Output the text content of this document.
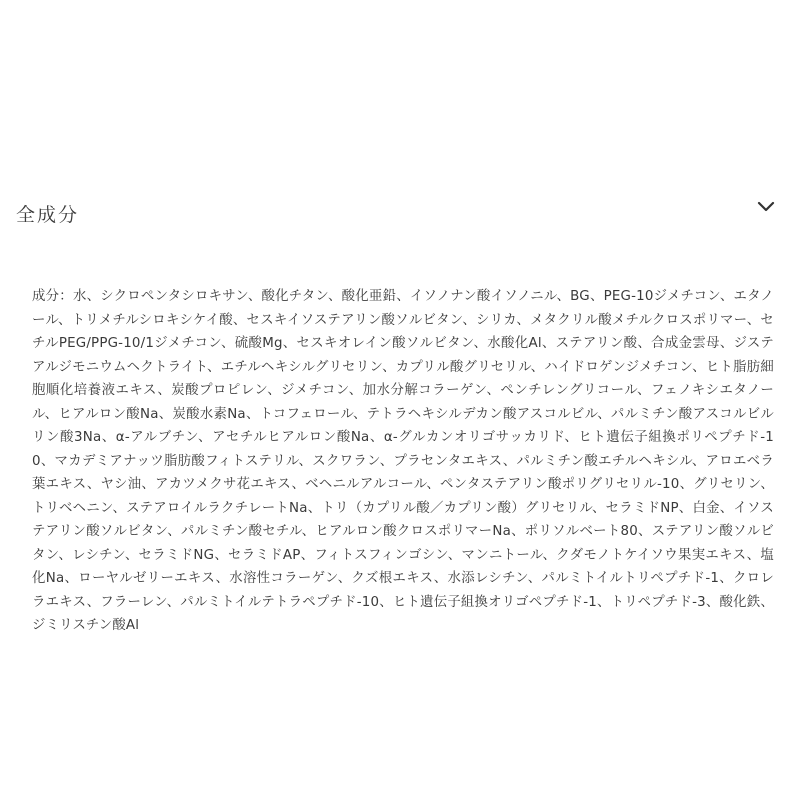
全成分

成分：水、シクロペンタシロキサン、酸化チタン、酸化亜鉛、イソノナン酸イソノニル、BG、PEG-10ジメチコン、エタノール、トリメチルシロキシケイ酸、セスキイソステアリン酸ソルビタン、シリカ、メタクリル酸メチルクロスポリマー、セチルPEG/PPG-10/1ジメチコン、硫酸Mg、セスキオレイン酸ソルビタン、水酸化Al、ステアリン酸、合成金雲母、ジステアルジモニウムヘクトライト、エチルヘキシルグリセリン、カプリル酸グリセリル、ハイドロゲンジメチコン、ヒト脂肪細胞順化培養液エキス、炭酸プロピレン、ジメチコン、加水分解コラーゲン、ペンチレングリコール、フェノキシエタノール、ヒアルロン酸Na、炭酸水素Na、トコフェロール、テトラヘキシルデカン酸アスコルビル、パルミチン酸アスコルビルリン酸3Na、α-アルブチン、アセチルヒアルロン酸Na、α-グルカンオリゴサッカリド、ヒト遺伝子組換ポリペプチド-10、マカデミアナッツ脂肪酸フィトステリル、スクワラン、プラセンタエキス、パルミチン酸エチルヘキシル、アロエベラ葉エキス、ヤシ油、アカツメクサ花エキス、ベヘニルアルコール、ペンタステアリン酸ポリグリセリル-10、グリセリン、トリベヘニン、ステアロイルラクチレートNa、トリ（カプリル酸／カプリン酸）グリセリル、セラミドNP、白金、イソステアリン酸ソルビタン、パルミチン酸セチル、ヒアルロン酸クロスポリマーNa、ポリソルベート80、ステアリン酸ソルビタン、レシチン、セラミドNG、セラミドAP、フィトスフィンゴシン、マンニトール、クダモノトケイソウ果実エキス、塩化Na、ローヤルゼリーエキス、水溶性コラーゲン、クズ根エキス、水添レシチン、パルミトイルトリペプチド-1、クロレラエキス、フラーレン、パルミトイルテトラペプチド-10、ヒト遺伝子組換オリゴペプチド-1、トリペプチド-3、酸化鉄、ジミリスチン酸Al
